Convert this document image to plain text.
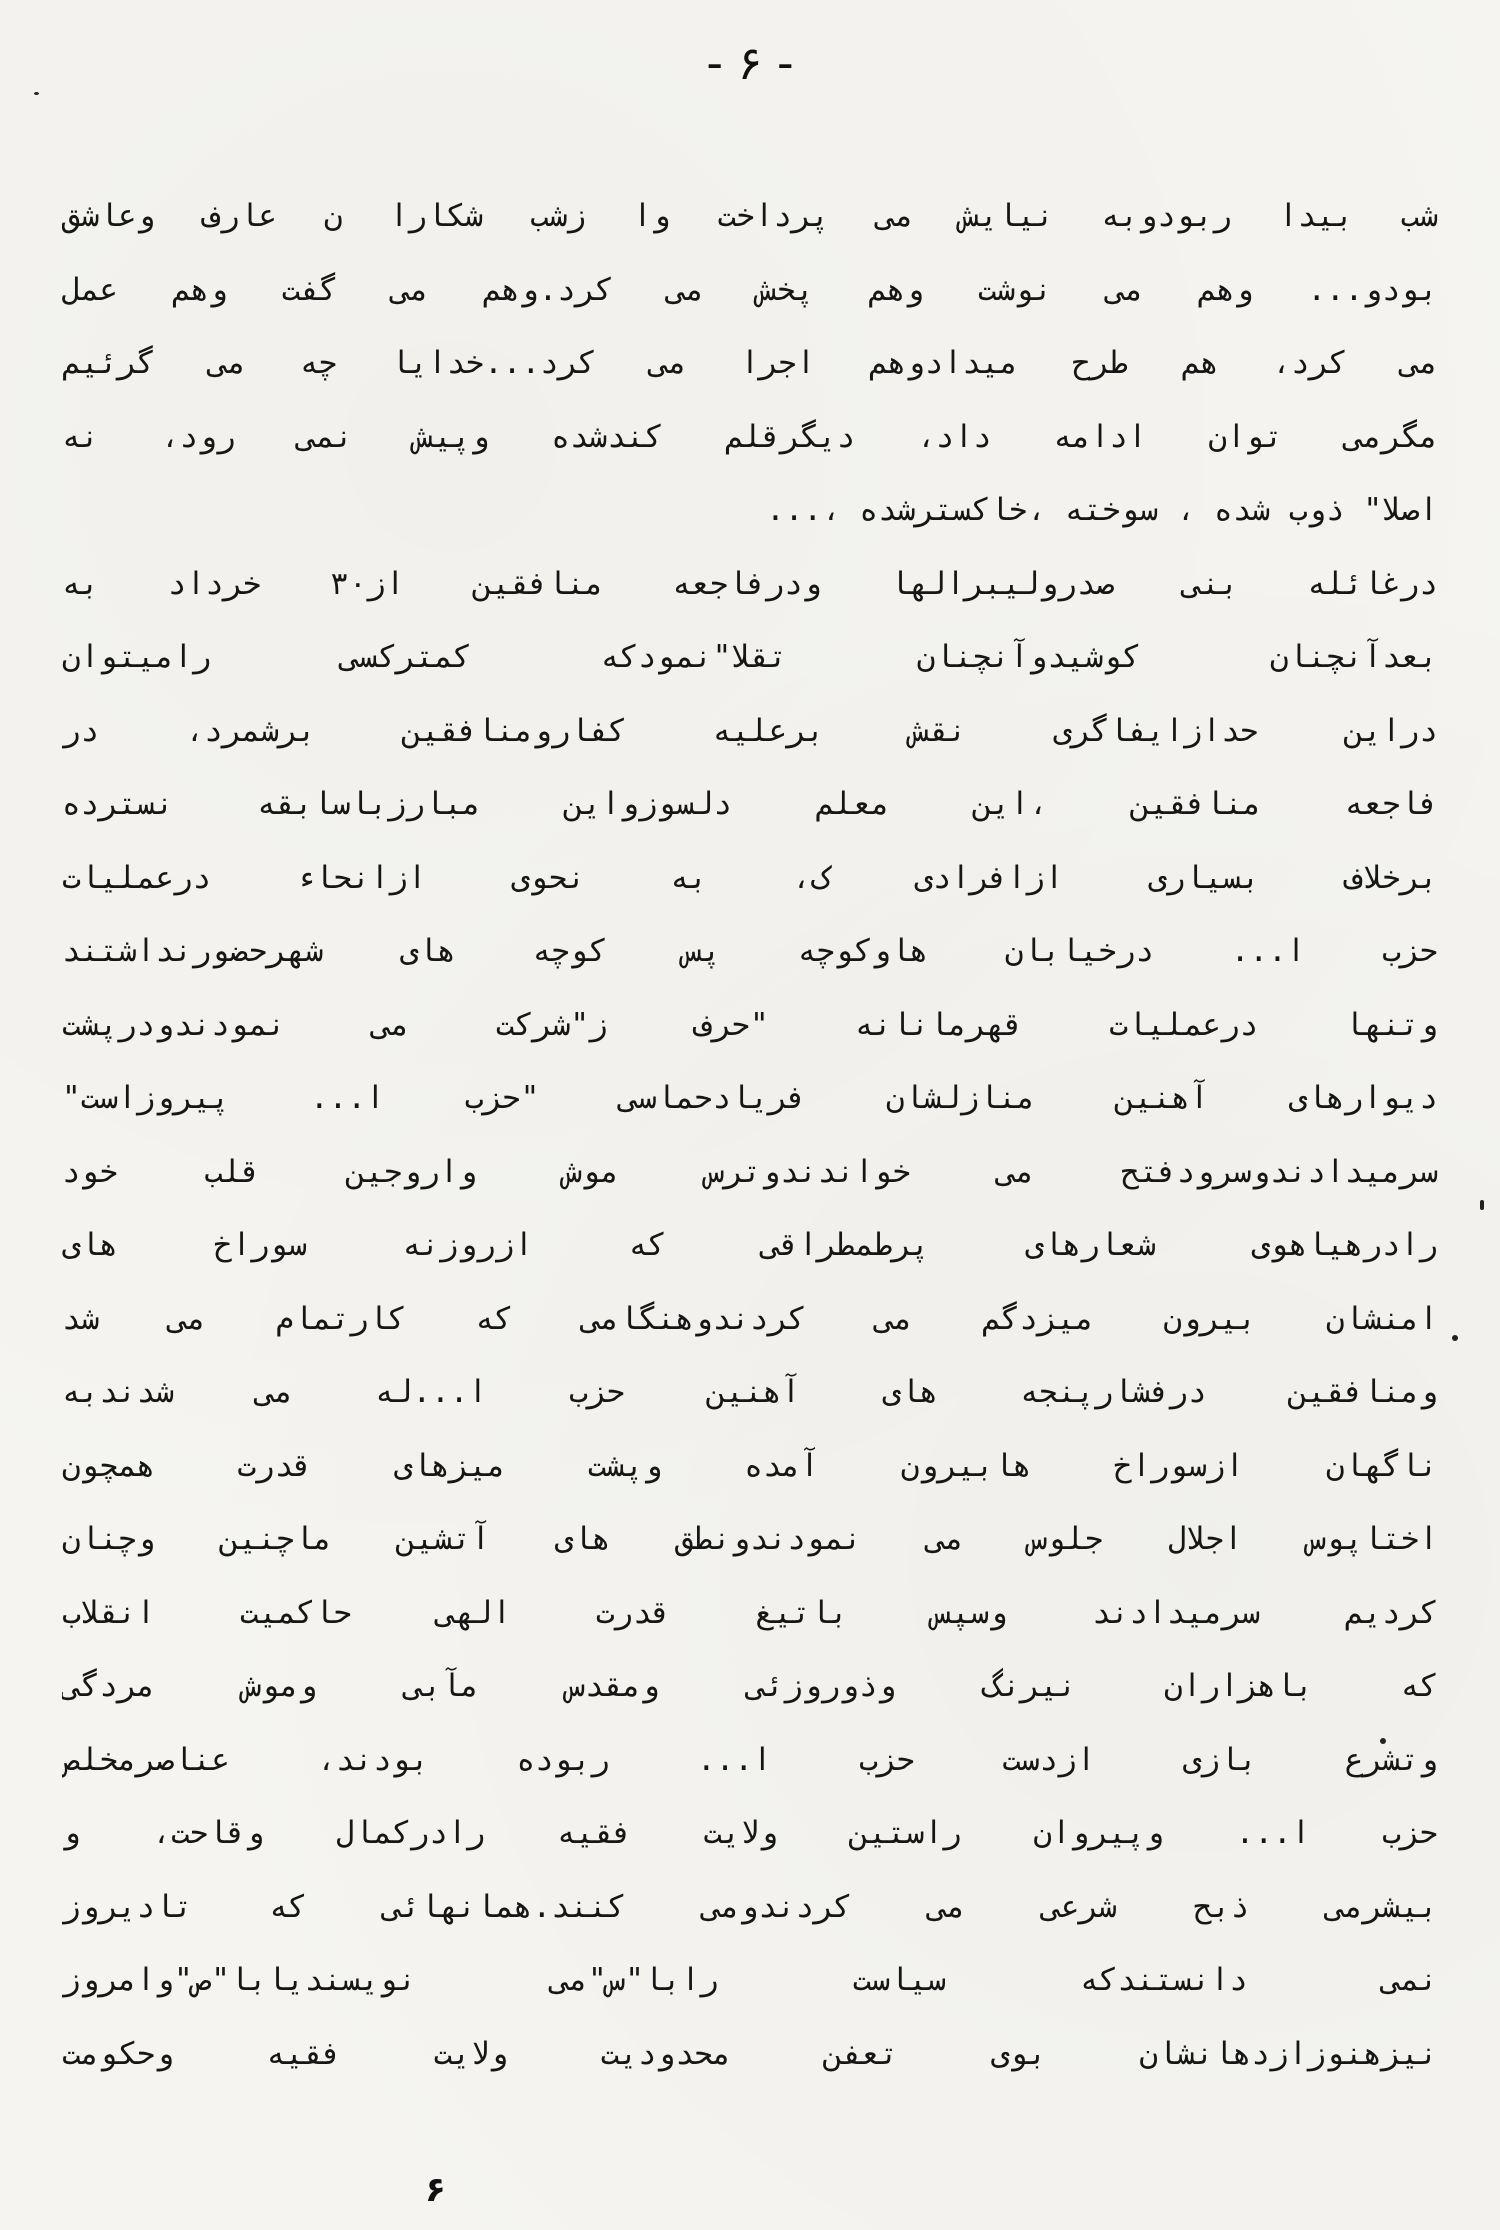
- ۶ -
شب بیدا ربودوبه نیایش می پرداخت وا زشب شکارا ن عارف وعاشق
بودو... وهم می نوشت وهم پخش می کرد.وهم می گفت وهم عمل
می کرد، هم طرح میدادوهم اجرا می کرد...خدایا چه می گرئیم
مگرمی توان ادامه داد، دیگرقلم کندشده وپیش نمی رود، نه
اصلا" ذوب شده ، سوخته ،خاکسترشده ،...
درغائله بنی صدرولیبرالها ودرفاجعه منافقین از۳۰ خرداد به
بعدآنچنان کوشیدوآنچنان تقلا"نمودکه کمترکسی رامیتوان
دراین حدازایفاگری نقش برعلیه کفارومنافقین برشمرد، در
فاجعه منافقین ،این معلم دلسوزواین مبارزباسابقه نسترده
برخلاف بسیاری ازافرادی ک، به نحوی ازانحاء درعملیات
حزب ا... درخیابان هاوکوچه پس کوچه های شهرحضورنداشتند
وتنها درعملیات قهرمانانه "حرف ز"شرکت می نمودندودرپشت
دیوارهای آهنین منازلشان فریادحماسی "حزب ا... پیروزاست"
سرمیدادندوسرودفتح می خواندندوترس موش واروجین قلب خود
رادرهیاهوی شعارهای پرطمطراقی که ازروزنه سوراخ های
امنشان بیرون میزدگم می کردندوهنگامی که کارتمام می شد
ومنافقین درفشارپنجه های آهنین حزب ا...له می شدندبه
ناگهان ازسوراخ هابیرون آمده وپشت میزهای قدرت همچون
اختاپوس اجلال جلوس می نمودندونطق های آتشین ماچنین وچنان
کردیم سرمیدادند وسپس باتیغ قدرت الهی حاکمیت انقلاب
که باهزاران نیرنگ وذوروزئی ومقدس مآبی وموش مردگی
وتشرع بازی ازدست حزب ا... ربوده بودند، عناصرمخلص
حزب ا... وپیروان راستین ولایت فقیه رادرکمال وقاحت، و
بیشرمی ذبح شرعی می کردندومی کنند.همانهائی که تادیروز
نمی دانستندکه سیاست رابا"س"می نویسندیابا"ص"وامروز
نیزهنوزازدهانشان بوی تعفن محدودیت ولایت فقیه وحکومت
۶
